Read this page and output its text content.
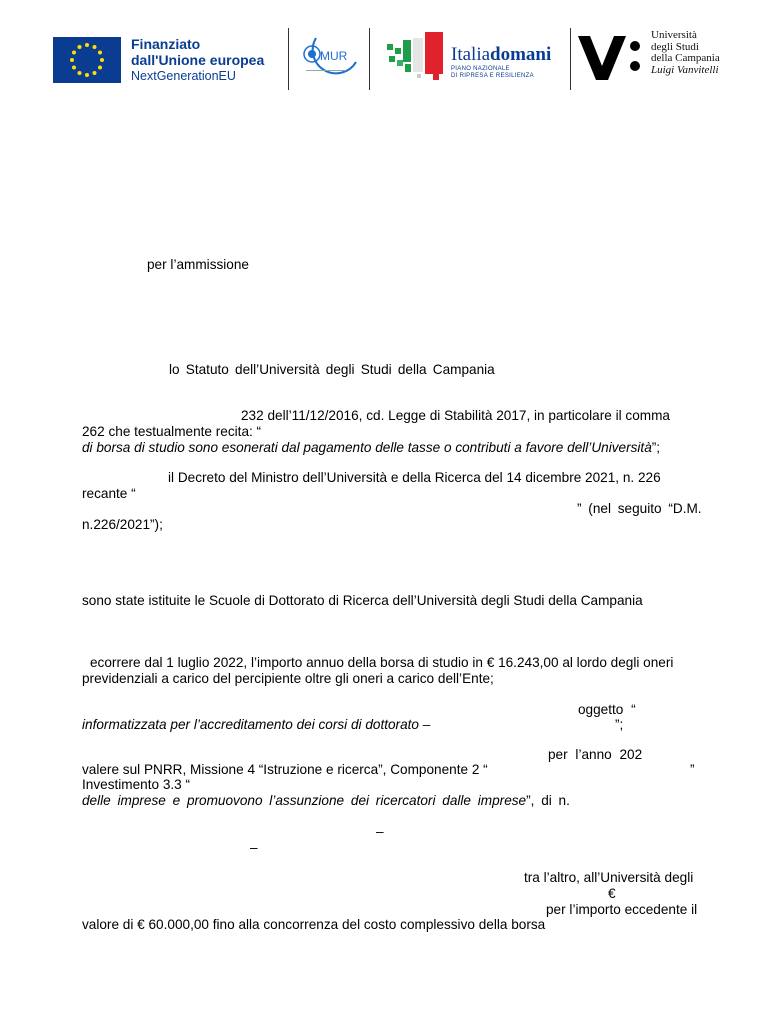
Finanziato
dall'Unione europea
NextGenerationEU
MUR	Italiadomani
PIANO NAZIONALE
DI RIPRESA E RESILIENZA
Università
degli Studi
della Campania
Luigi Vanvitelli
per l’ammissione
lo Statuto dell’Università degli Studi della Campania
232 dell’11/12/2016, cd. Legge di Stabilità 2017, in particolare il comma
262 che testualmente recita: “
di borsa di studio sono esonerati dal pagamento delle tasse o contributi a favore dell’Università”;
il Decreto del Ministro dell’Università e della Ricerca del 14 dicembre 2021, n. 226
recante “
” (nel seguito “D.M.
n.226/2021”);
sono state istituite le Scuole di Dottorato di Ricerca dell’Università degli Studi della Campania
ecorrere dal 1 luglio 2022, l’importo annuo della borsa di studio in € 16.243,00 al lordo degli oneri
previdenziali a carico del percipiente oltre gli oneri a carico dell’Ente;
oggetto “
informatizzata per l’accreditamento dei corsi di dottorato –	”;
per l’anno 202
valere sul PNRR, Missione 4 “Istruzione e ricerca”, Componente 2 “	”
Investimento 3.3 “
delle imprese e promuovono l’assunzione dei ricercatori dalle imprese”, di n.
–
–
tra l’altro, all’Università degli
€
per l’importo eccedente il
valore di € 60.000,00 fino alla concorrenza del costo complessivo della borsa
